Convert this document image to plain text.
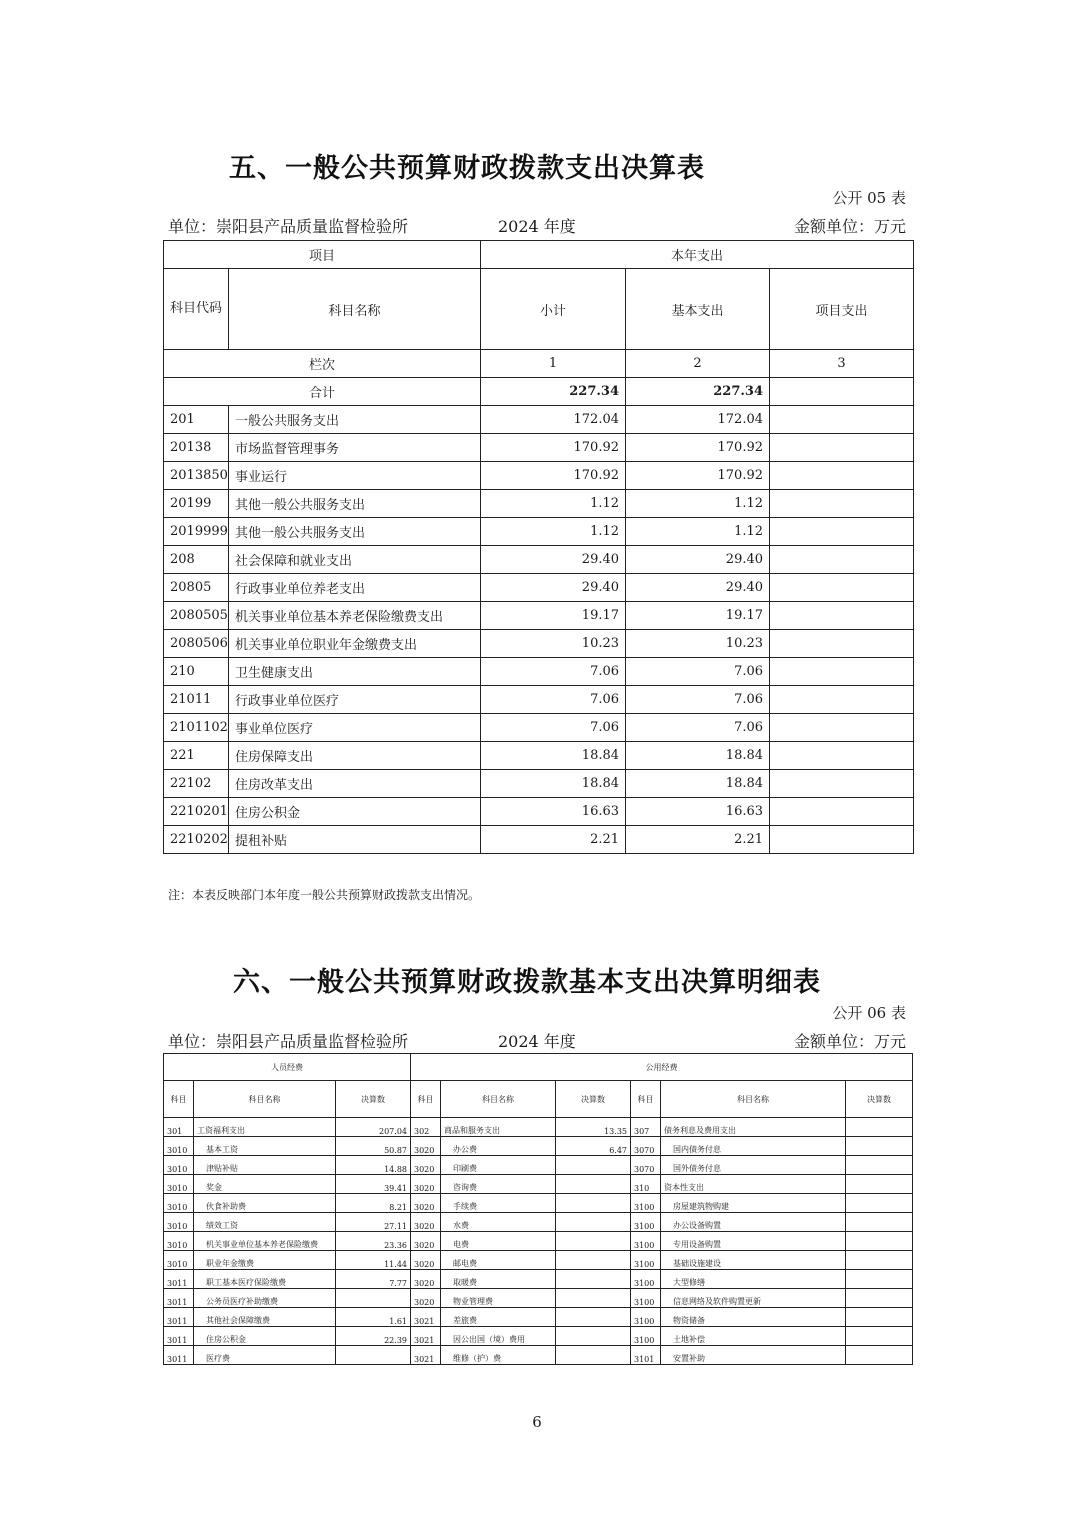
五、一般公共预算财政拨款支出决算表
公开 05 表
单位：崇阳县产品质量监督检验所	2024 年度	金额单位：万元
项目		本年支出		
科目代码	科目名称	小计	基本支出	项目支出
栏次		1	2	3
合计		227.34	227.34	
201	一般公共服务支出	172.04	172.04	
20138	市场监督管理事务	170.92	170.92	
2013850	事业运行	170.92	170.92	
20199	其他一般公共服务支出	1.12	1.12	
2019999	其他一般公共服务支出	1.12	1.12	
208	社会保障和就业支出	29.40	29.40	
20805	行政事业单位养老支出	29.40	29.40	
2080505	机关事业单位基本养老保险缴费支出	19.17	19.17	
2080506	机关事业单位职业年金缴费支出	10.23	10.23	
210	卫生健康支出	7.06	7.06	
21011	行政事业单位医疗	7.06	7.06	
2101102	事业单位医疗	7.06	7.06	
221	住房保障支出	18.84	18.84	
22102	住房改革支出	18.84	18.84	
2210201	住房公积金	16.63	16.63	
2210202	提租补贴	2.21	2.21	
注：本表反映部门本年度一般公共预算财政拨款支出情况。
六、一般公共预算财政拨款基本支出决算明细表
公开 06 表
单位：崇阳县产品质量监督检验所	2024 年度	金额单位：万元
人员经费			公用经费					
科目	科目名称	决算数	科目	科目名称	决算数	科目	科目名称	决算数
301	工资福利支出	207.04	302	商品和服务支出	13.35	307	债务利息及费用支出	
3010	基本工资	50.87	3020	办公费	6.47	3070	国内债务付息	
3010	津贴补贴	14.88	3020	印刷费		3070	国外债务付息	
3010	奖金	39.41	3020	咨询费		310	资本性支出	
3010	伙食补助费	8.21	3020	手续费		3100	房屋建筑物购建	
3010	绩效工资	27.11	3020	水费		3100	办公设备购置	
3010	机关事业单位基本养老保险缴费	23.36	3020	电费		3100	专用设备购置	
3010	职业年金缴费	11.44	3020	邮电费		3100	基础设施建设	
3011	职工基本医疗保险缴费	7.77	3020	取暖费		3100	大型修缮	
3011	公务员医疗补助缴费		3020	物业管理费		3100	信息网络及软件购置更新	
3011	其他社会保障缴费	1.61	3021	差旅费		3100	物资储备	
3011	住房公积金	22.39	3021	因公出国（境）费用		3100	土地补偿	
3011	医疗费		3021	维修（护）费		3101	安置补助	
6
